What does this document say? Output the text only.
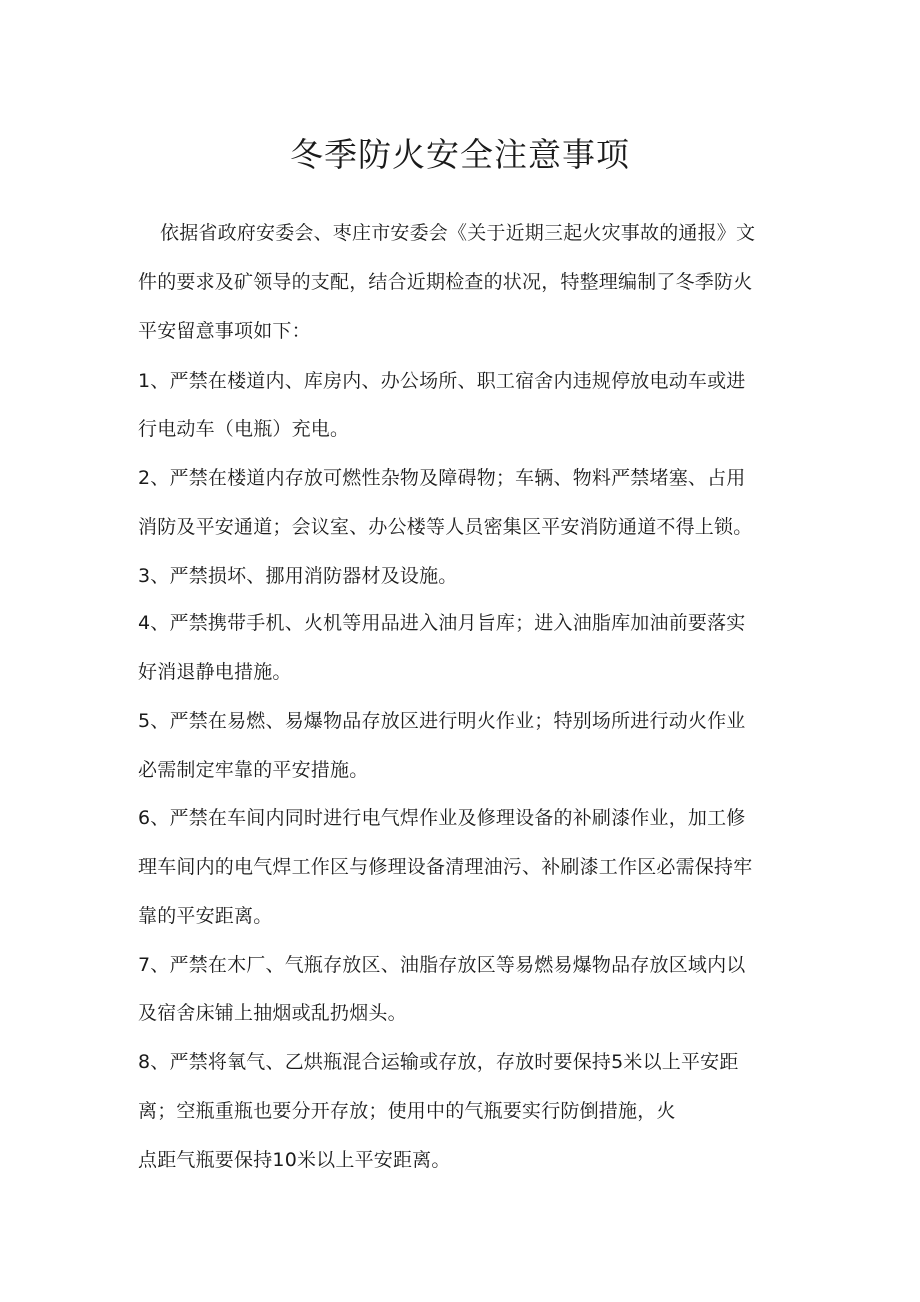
冬季防火安全注意事项
依据省政府安委会、枣庄市安委会《关于近期三起火灾事故的通报》文
件的要求及矿领导的支配，结合近期检查的状况，特整理编制了冬季防火
平安留意事项如下：
1、严禁在楼道内、库房内、办公场所、职工宿舍内违规停放电动车或进
行电动车（电瓶）充电。
2、严禁在楼道内存放可燃性杂物及障碍物；车辆、物料严禁堵塞、占用
消防及平安通道；会议室、办公楼等人员密集区平安消防通道不得上锁。
3、严禁损坏、挪用消防器材及设施。
4、严禁携带手机、火机等用品进入油月旨库；进入油脂库加油前要落实
好消退静电措施。
5、严禁在易燃、易爆物品存放区进行明火作业；特别场所进行动火作业
必需制定牢靠的平安措施。
6、严禁在车间内同时进行电气焊作业及修理设备的补刷漆作业，加工修
理车间内的电气焊工作区与修理设备清理油污、补刷漆工作区必需保持牢
靠的平安距离。
7、严禁在木厂、气瓶存放区、油脂存放区等易燃易爆物品存放区域内以
及宿舍床铺上抽烟或乱扔烟头。
8、严禁将氧气、乙烘瓶混合运输或存放，存放时要保持5米以上平安距
离；空瓶重瓶也要分开存放；使用中的气瓶要实行防倒措施，火
点距气瓶要保持10米以上平安距离。
